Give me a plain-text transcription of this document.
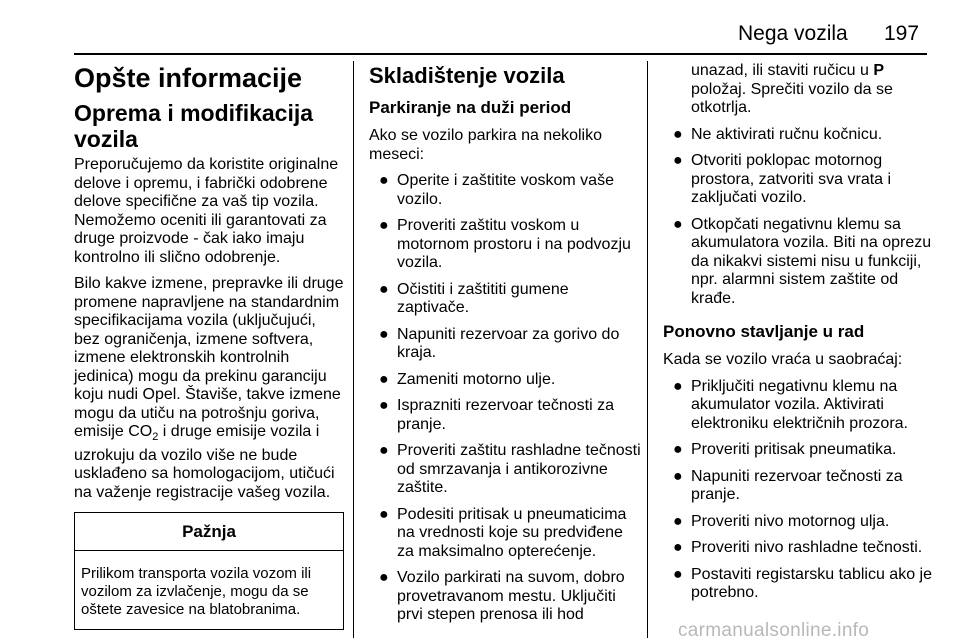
Nega vozila 197
Opšte informacije
Oprema i modifikacija vozila

Preporučujemo da koristite originalne delove i opremu, i fabrički odobrene delove specifične za vaš tip vozila. Nemožemo oceniti ili garantovati za druge proizvode - čak iako imaju kontrolno ili slično odobrenje.

Bilo kakve izmene, prepravke ili druge promene napravljene na standardnim specifikacijama vozila (uključujući, bez ograničenja, izmene softvera, izmene elektronskih kontrolnih jedinica) mogu da prekinu garanciju koju nudi Opel. Štaviše, takve izmene mogu da utiču na potrošnju goriva, emisije $CO_2$ i druge emisije vozila i uzrokuju da vozilo više ne bude usklađeno sa homologacijom, utičući na važenje registracije vašeg vozila.

Pažnja
Prilikom transporta vozila vozom ili vozilom za izvlačenje, mogu da se oštete zavesice na blatobranima.
Skladištenje vozila
Parkiranje na duži period

Ako se vozilo parkira na nekoliko meseci:

● Operite i zaštitite voskom vaše vozilo.
● Proveriti zaštitu voskom u motornom prostoru i na podvozju vozila.
● Očistiti i zaštititi gumene zaptivače.
● Napuniti rezervoar za gorivo do kraja.
● Zameniti motorno ulje.
● Isprazniti rezervoar tečnosti za pranje.
● Proveriti zaštitu rashladne tečnosti od smrzavanja i antikorozivne zaštite.
● Podesiti pritisak u pneumaticima na vrednosti koje su predviđene za maksimalno opterećenje.
● Vozilo parkirati na suvom, dobro provetravanom mestu. Uključiti prvi stepen prenosa ili hod
unazad, ili staviti ručicu u P položaj. Sprečiti vozilo da se otkotrlja.
● Ne aktivirati ručnu kočnicu.
● Otvoriti poklopac motornog prostora, zatvoriti sva vrata i zaključati vozilo.
● Otkopčati negativnu klemu sa akumulatora vozila. Biti na oprezu da nikakvi sistemi nisu u funkciji, npr. alarmni sistem zaštite od krađe.
Ponovno stavljanje u rad

Kada se vozilo vraća u saobraćaj:

● Priključiti negativnu klemu na akumulator vozila. Aktivirati elektroniku električnih prozora.
● Proveriti pritisak pneumatika.
● Napuniti rezervoar tečnosti za pranje.
● Proveriti nivo motornog ulja.
● Proveriti nivo rashladne tečnosti.
● Postaviti registarsku tablicu ako je potrebno.
carmanualsonline.info
